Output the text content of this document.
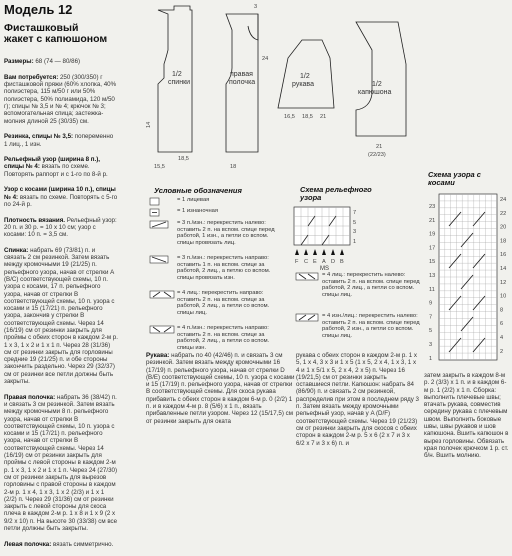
Модель 12
Фисташковый
жакет с капюшоном

Размеры: 68 (74 — 80/86)

Вам потребуется: 250 (300/350) г фисташковой пряжи (60% хлопка, 40% полиэстера, 115 м/50 г или 50% полиэстера, 50% полиамида, 120 м/50 г); спицы № 3,5 и № 4; крючок № 3; вспомогательная спица; застежка-молния длиной 25 (30/35) см.

Резинка, спицы № 3,5: попеременно 1 лиц., 1 изн.

Рельефный узор (ширина 8 п.), спицы № 4: вязать по схеме. Повторять раппорт и с 1-го по 8-й р.

Узор с косами (ширина 10 п.), спицы № 4: вязать по схеме. Повторять с 5-го по 24-й р.

Плотность вязания. Рельефный узор: 20 п. и 30 р. = 10 х 10 см; узор с косами: 10 п. = 3,5 см.

Спинка: набрать 69 (73/81) п. и связать 2 см резинкой. Затем вязать между кромочными 19 (21/25) п. рельефного узора, начав от стрелки А (В/С) соответствующей схемы, 10 п. узора с косами, 17 п. рельефного узора, начав от стрелки В соответствующей схемы, 10 п. узора с косами и 15 (17/21) п. рельефного узора, закончив у стрелки В соответствующей схемы. Через 14 (16/19) см от резинки закрыть для проймы с обеих сторон в каждом 2-м р. 1 х 3, 1 х 2 и 1 х 1 п. Через 28 (31/36) см от резинки закрыть для горловины средние 19 (21/25) п. и обе стороны закончить раздельно. Через 29 (32/37) см от резинки все петли должны быть закрыты.

Правая полочка: набрать 36 (38/42) п. и связать 3 см резинкой. Затем вязать между кромочными 8 п. рельефного узора, начав от стрелки В соответствующей схемы, 10 п. узора с косами и 15 (17/21) п. рельефного узора, начав от стрелки В соответствующей схемы. Через 14 (16/19) см от резинки закрыть для проймы с левой стороны в каждом 2-м р. 1 х 3, 1 х 2 и 1 х 1 п. Через 24 (27/30) см от резинки закрыть для вырезов горловины с правой стороны в каждом 2-м р. 1 х 4, 1 х 3, 1 х 2 (2/3) и 1 х 1 (2/2) п. Через 29 (31/36) см от резинки закрыть с левой стороны для скоса плеча в каждом 2-м р. 1 х 8 и 1 х 9 (2 х 9/2 х 10) п. На высоте 30 (33/38) см все петли должны быть закрыты.

Левая полочка: вязать симметрично.

1/2 спинки
15,5
18,5
14
правая полочка
18
3
24
1/2 рукава
16,5 18,5 21
1/2 капюшона
21
(22/23)
Условные обозначения
= 1 лицевая
= 1 изнаночная
= 3 п./изн.: перекрестить налево: оставить 2 п. на вспом. спице перед работой, 1 изн., а петли со вспом. спицы провязать лиц.
= 3 п./изн.: перекрестить направо: оставить 1 п. на вспом. спице за работой, 2 лиц., а петлю со вспом. спицы провязать изн.
= 4 лиц.: перекрестить направо: оставить 2 п. на вспом. спице за работой, 2 лиц., а петли со вспом. спицы лиц.
= 4 п./изн.: перекрестить направо: оставить 2 п. на вспом. спице за работой, 2 лиц., а петли со вспом. спицы изн.
Схема рельефного
узора
7
5
3
1
F C E A D B
MS
= 4 лиц.: перекрестить налево: оставить 2 п. на вспом. спице перед работой, 2 лиц., а петли со вспом. спицы лиц.
= 4 изн./лиц.: перекрестить налево: оставить 2 п. на вспом. спице перед работой, 2 изн., а петли со вспом. спицы лиц.
Схема узора с
косами
23
21
19
17
15
13
11
9
7
5
3
1
24
22
20
18
16
14
12
10
8
6
4
2
Рукава: набрать по 40 (42/46) п. и связать 3 см резинкой. Затем вязать между кромочными 16 (17/19) п. рельефного узора, начав от стрелки D (B/E) соответствующей схемы, 10 п. узора с косами и 15 (17/19) п. рельефного узора, начав от стрелки В соответствующей схемы. Для скоса рукава прибавить с обеих сторон в каждом 6-м р. 0 (2/2) 1 п. и в каждом 4-м р. 8 (5/6) х 1 п., вязать прибавленные петли узором. Через 12 (15/17,5) см от резинки закрыть для оката
рукава с обеих сторон в каждом 2-м р. 1 х 5, 1 х 4, 3 х 3 и 1 х 5 (1 х 5, 2 х 4, 1 х 3, 1 х 4 и 1 х 5/1 х 5, 2 х 4, 2 х 5) п. Через 16 (19/21,5) см от резинки закрыть оставшиеся петли. Капюшон: набрать 84 (86/90) п. и связать 2 см резинкой, распределив при этом в последнем ряду 3 п. Затем вязать между кромочными рельефный узор, начав у A (D/F) соответствующей схемы. Через 19 (21/23) см от резинки закрыть для скосов с обеих сторон в каждом 2-м р. 5 х 6 (2 х 7 и 3 х 6/2 х 7 и 3 х 6) п. и
затем закрыть в каждом 8-м р. 2 (3/3) х 1 п. и в каждом 6-м р. 1 (2/2) х 1 п. Сборка: выполнить плечевые швы; втачать рукава, совместив середину рукава с плечевым швом. Выполнить боковые швы, швы рукавов и шов капюшона. Вшить капюшон в вырез горловины. Обвязать края полочек крючком 1 р. ст. б/н. Вшить молнию.
